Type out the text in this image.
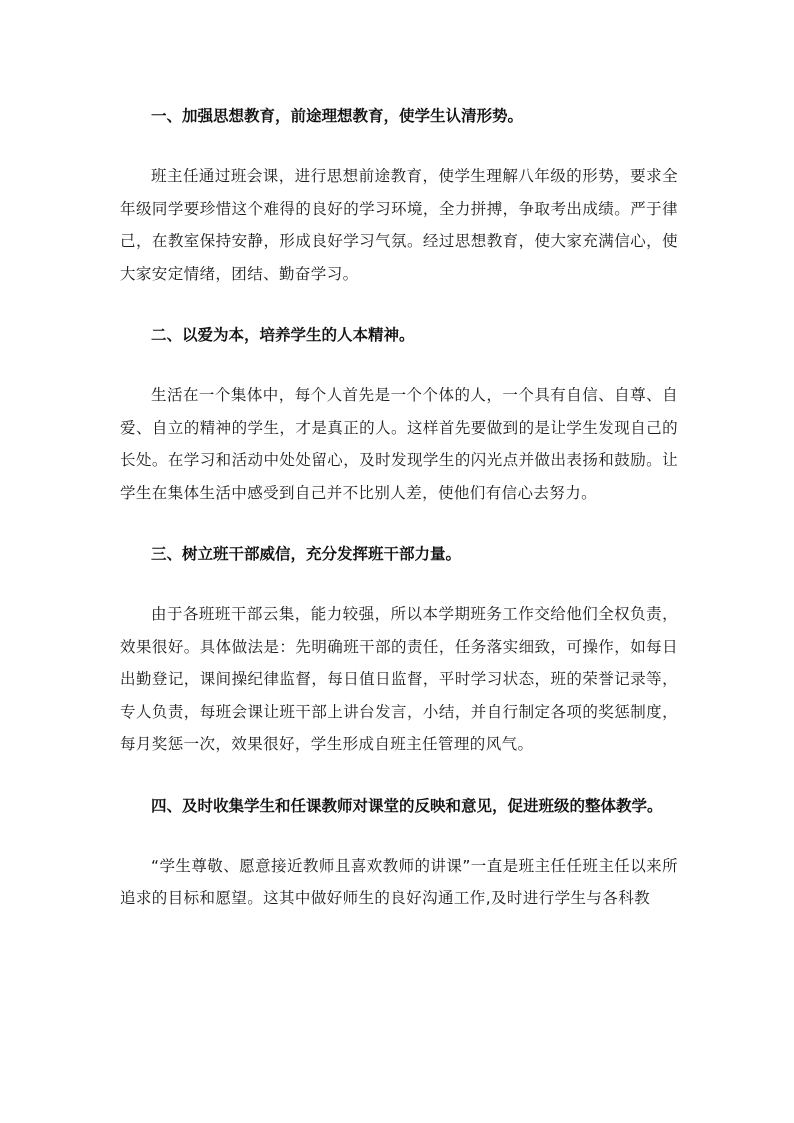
一、加强思想教育，前途理想教育，使学生认清形势。

班主任通过班会课，进行思想前途教育，使学生理解八年级的形势，要求全年级同学要珍惜这个难得的良好的学习环境，全力拼搏，争取考出成绩。严于律己，在教室保持安静，形成良好学习气氛。经过思想教育，使大家充满信心，使大家安定情绪，团结、勤奋学习。

二、以爱为本，培养学生的人本精神。

生活在一个集体中，每个人首先是一个个体的人，一个具有自信、自尊、自爱、自立的精神的学生，才是真正的人。这样首先要做到的是让学生发现自己的长处。在学习和活动中处处留心，及时发现学生的闪光点并做出表扬和鼓励。让学生在集体生活中感受到自己并不比别人差，使他们有信心去努力。

三、树立班干部威信，充分发挥班干部力量。

由于各班班干部云集，能力较强，所以本学期班务工作交给他们全权负责，效果很好。具体做法是：先明确班干部的责任，任务落实细致，可操作，如每日出勤登记，课间操纪律监督，每日值日监督，平时学习状态，班的荣誉记录等，专人负责，每班会课让班干部上讲台发言，小结，并自行制定各项的奖惩制度，每月奖惩一次，效果很好，学生形成自班主任管理的风气。

四、及时收集学生和任课教师对课堂的反映和意见，促进班级的整体教学。

“学生尊敬、愿意接近教师且喜欢教师的讲课”一直是班主任任班主任以来所追求的目标和愿望。这其中做好师生的良好沟通工作,及时进行学生与各科教
